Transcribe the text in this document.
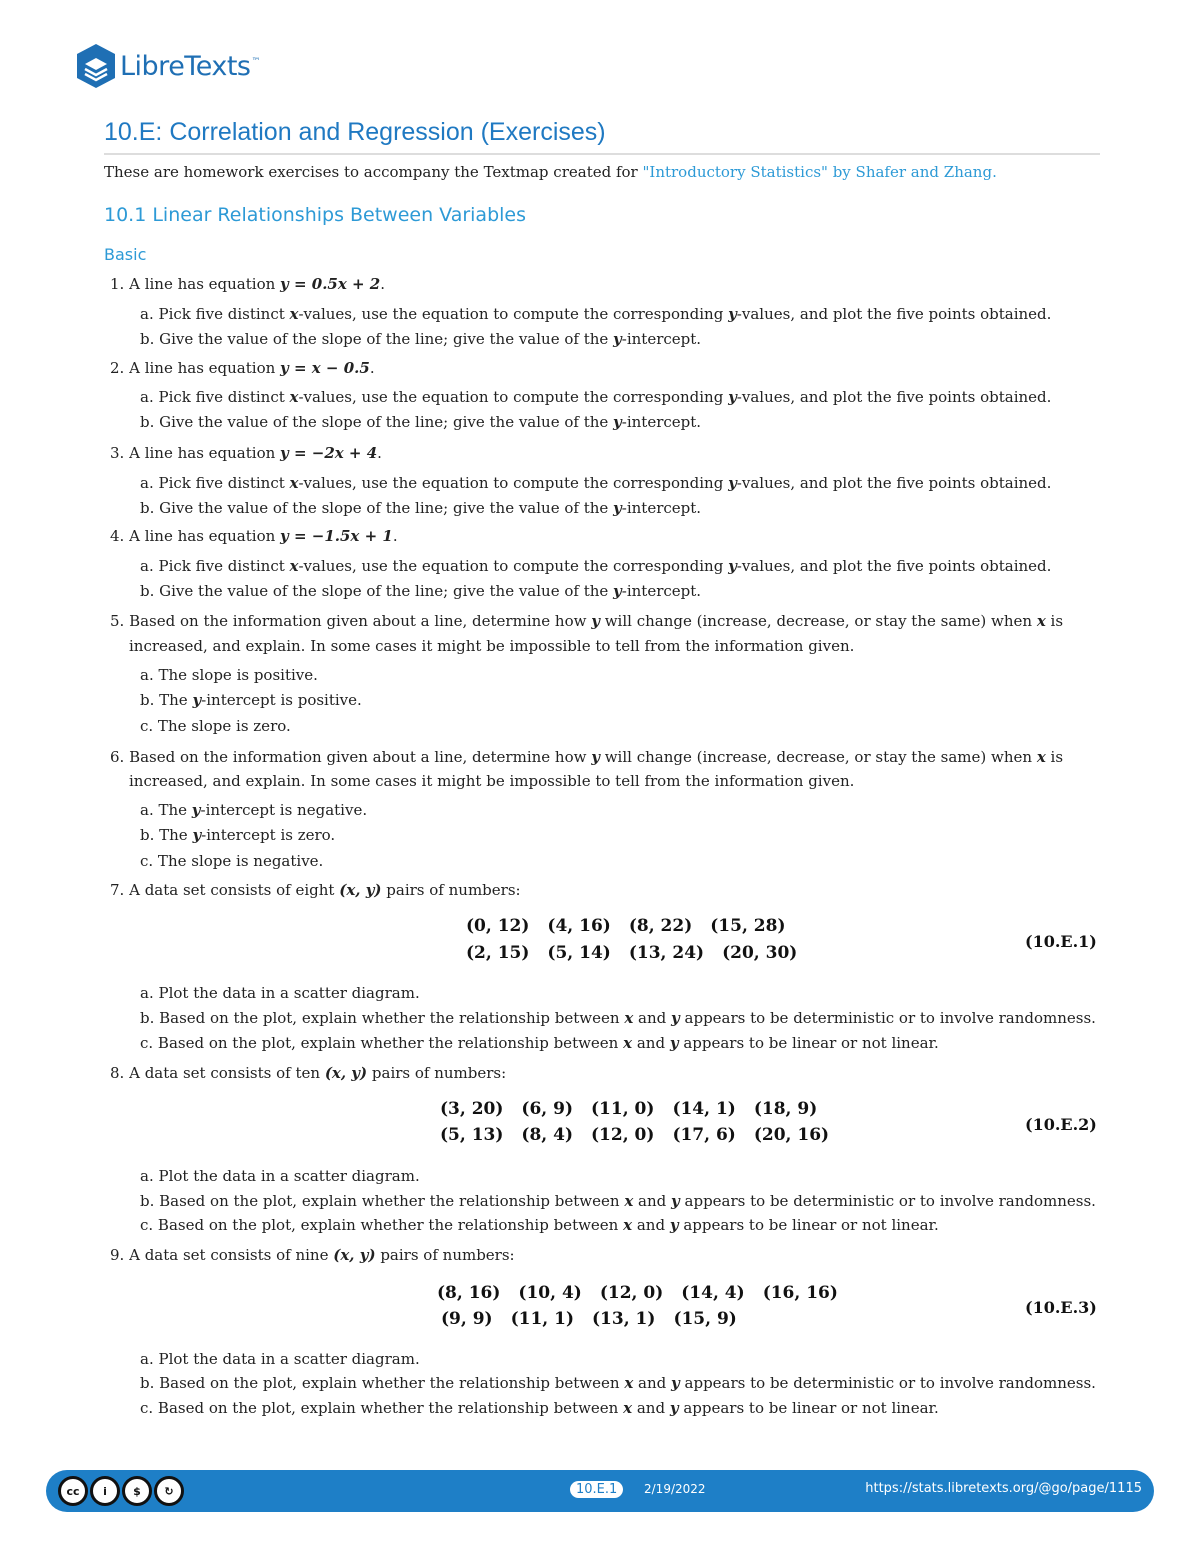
LibreTexts ™
10.E: Correlation and Regression (Exercises)
These are homework exercises to accompany the Textmap created for "Introductory Statistics" by Shafer and Zhang.
10.1 Linear Relationships Between Variables
Basic
1. A line has equation y = 0.5x + 2.
a. Pick five distinct x-values, use the equation to compute the corresponding y-values, and plot the five points obtained.
b. Give the value of the slope of the line; give the value of the y-intercept.
2. A line has equation y = x − 0.5.
a. Pick five distinct x-values, use the equation to compute the corresponding y-values, and plot the five points obtained.
b. Give the value of the slope of the line; give the value of the y-intercept.
3. A line has equation y = −2x + 4.
a. Pick five distinct x-values, use the equation to compute the corresponding y-values, and plot the five points obtained.
b. Give the value of the slope of the line; give the value of the y-intercept.
4. A line has equation y = −1.5x + 1.
a. Pick five distinct x-values, use the equation to compute the corresponding y-values, and plot the five points obtained.
b. Give the value of the slope of the line; give the value of the y-intercept.
5. Based on the information given about a line, determine how y will change (increase, decrease, or stay the same) when x is
increased, and explain. In some cases it might be impossible to tell from the information given.
a. The slope is positive.
b. The y-intercept is positive.
c. The slope is zero.
6. Based on the information given about a line, determine how y will change (increase, decrease, or stay the same) when x is
increased, and explain. In some cases it might be impossible to tell from the information given.
a. The y-intercept is negative.
b. The y-intercept is zero.
c. The slope is negative.
7. A data set consists of eight (x, y) pairs of numbers:
(0, 12) (4, 16) (8, 22) (15, 28)
(2, 15) (5, 14) (13, 24) (20, 30)
(10.E.1)
a. Plot the data in a scatter diagram.
b. Based on the plot, explain whether the relationship between x and y appears to be deterministic or to involve randomness.
c. Based on the plot, explain whether the relationship between x and y appears to be linear or not linear.
8. A data set consists of ten (x, y) pairs of numbers:
(3, 20) (6, 9) (11, 0) (14, 1) (18, 9)
(5, 13) (8, 4) (12, 0) (17, 6) (20, 16)
(10.E.2)
a. Plot the data in a scatter diagram.
b. Based on the plot, explain whether the relationship between x and y appears to be deterministic or to involve randomness.
c. Based on the plot, explain whether the relationship between x and y appears to be linear or not linear.
9. A data set consists of nine (x, y) pairs of numbers:
(8, 16) (10, 4) (12, 0) (14, 4) (16, 16)
(9, 9) (11, 1) (13, 1) (15, 9)
(10.E.3)
a. Plot the data in a scatter diagram.
b. Based on the plot, explain whether the relationship between x and y appears to be deterministic or to involve randomness.
c. Based on the plot, explain whether the relationship between x and y appears to be linear or not linear.
cc	i	$	↻	10.E.1	2/19/2022	https://stats.libretexts.org/@go/page/1115
